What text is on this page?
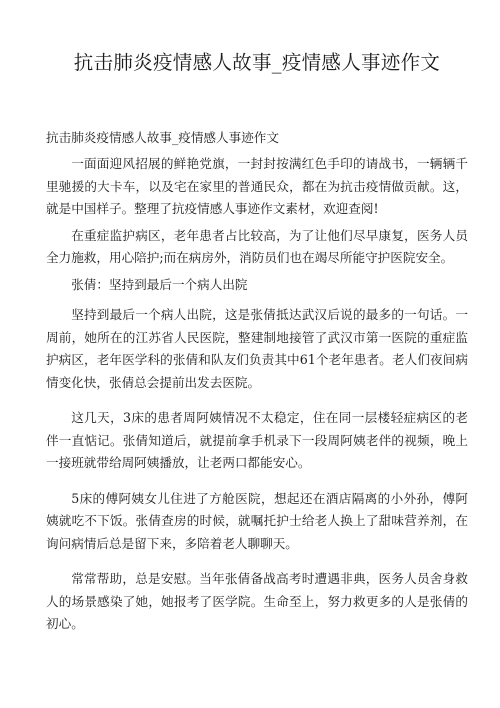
抗击肺炎疫情感人故事_疫情感人事迹作文
抗击肺炎疫情感人故事_疫情感人事迹作文

一面面迎风招展的鲜艳党旗，一封封按满红色手印的请战书，一辆辆千里驰援的大卡车，以及宅在家里的普通民众，都在为抗击疫情做贡献。这，就是中国样子。整理了抗疫情感人事迹作文素材，欢迎查阅!

在重症监护病区，老年患者占比较高，为了让他们尽早康复，医务人员全力施救，用心陪护;而在病房外，消防员们也在竭尽所能守护医院安全。

张倩：坚持到最后一个病人出院

坚持到最后一个病人出院，这是张倩抵达武汉后说的最多的一句话。一周前，她所在的江苏省人民医院，整建制地接管了武汉市第一医院的重症监护病区，老年医学科的张倩和队友们负责其中61个老年患者。老人们夜间病情变化快，张倩总会提前出发去医院。

这几天，3床的患者周阿姨情况不太稳定，住在同一层楼轻症病区的老伴一直惦记。张倩知道后，就提前拿手机录下一段周阿姨老伴的视频，晚上一接班就带给周阿姨播放，让老两口都能安心。

5床的傅阿姨女儿住进了方舱医院，想起还在酒店隔离的小外孙，傅阿姨就吃不下饭。张倩查房的时候，就嘱托护士给老人换上了甜味营养剂，在询问病情后总是留下来，多陪着老人聊聊天。

常常帮助，总是安慰。当年张倩备战高考时遭遇非典，医务人员舍身救人的场景感染了她，她报考了医学院。生命至上，努力救更多的人是张倩的初心。
